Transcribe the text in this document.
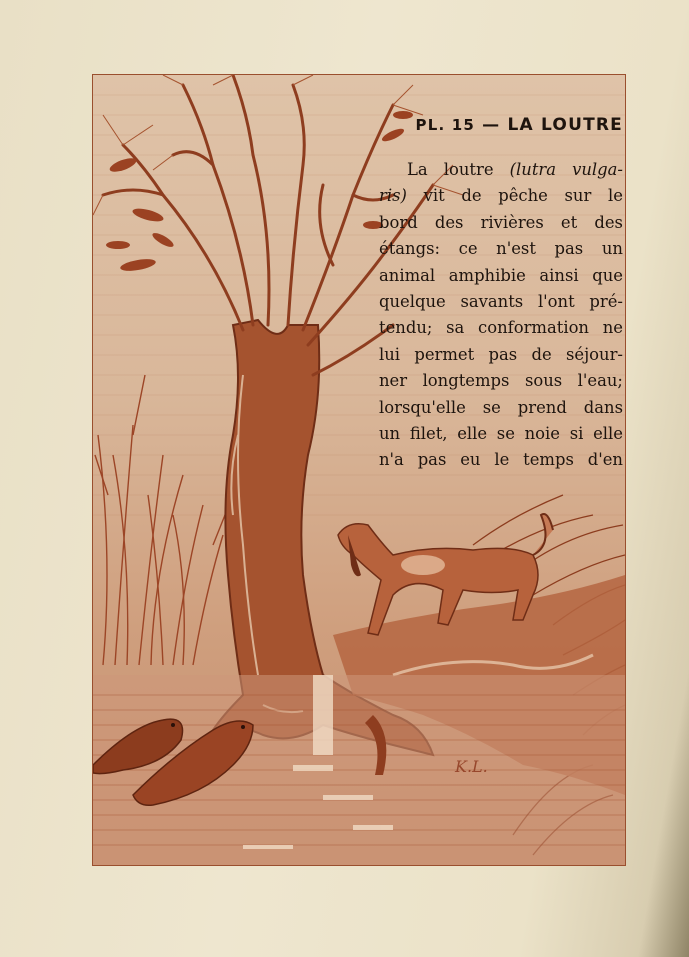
PL. 15 — LA LOUTRE
La loutre (lutra vulga-
ris) vit de pêche sur le
bord des rivières et des
étangs: ce n'est pas un
animal amphibie ainsi que
quelque savants l'ont pré-
tendu; sa conformation ne
lui permet pas de séjour-
ner longtemps sous l'eau;
lorsqu'elle se prend dans
un filet, elle se noie si elle
n'a pas eu le temps d'en
K.L.
